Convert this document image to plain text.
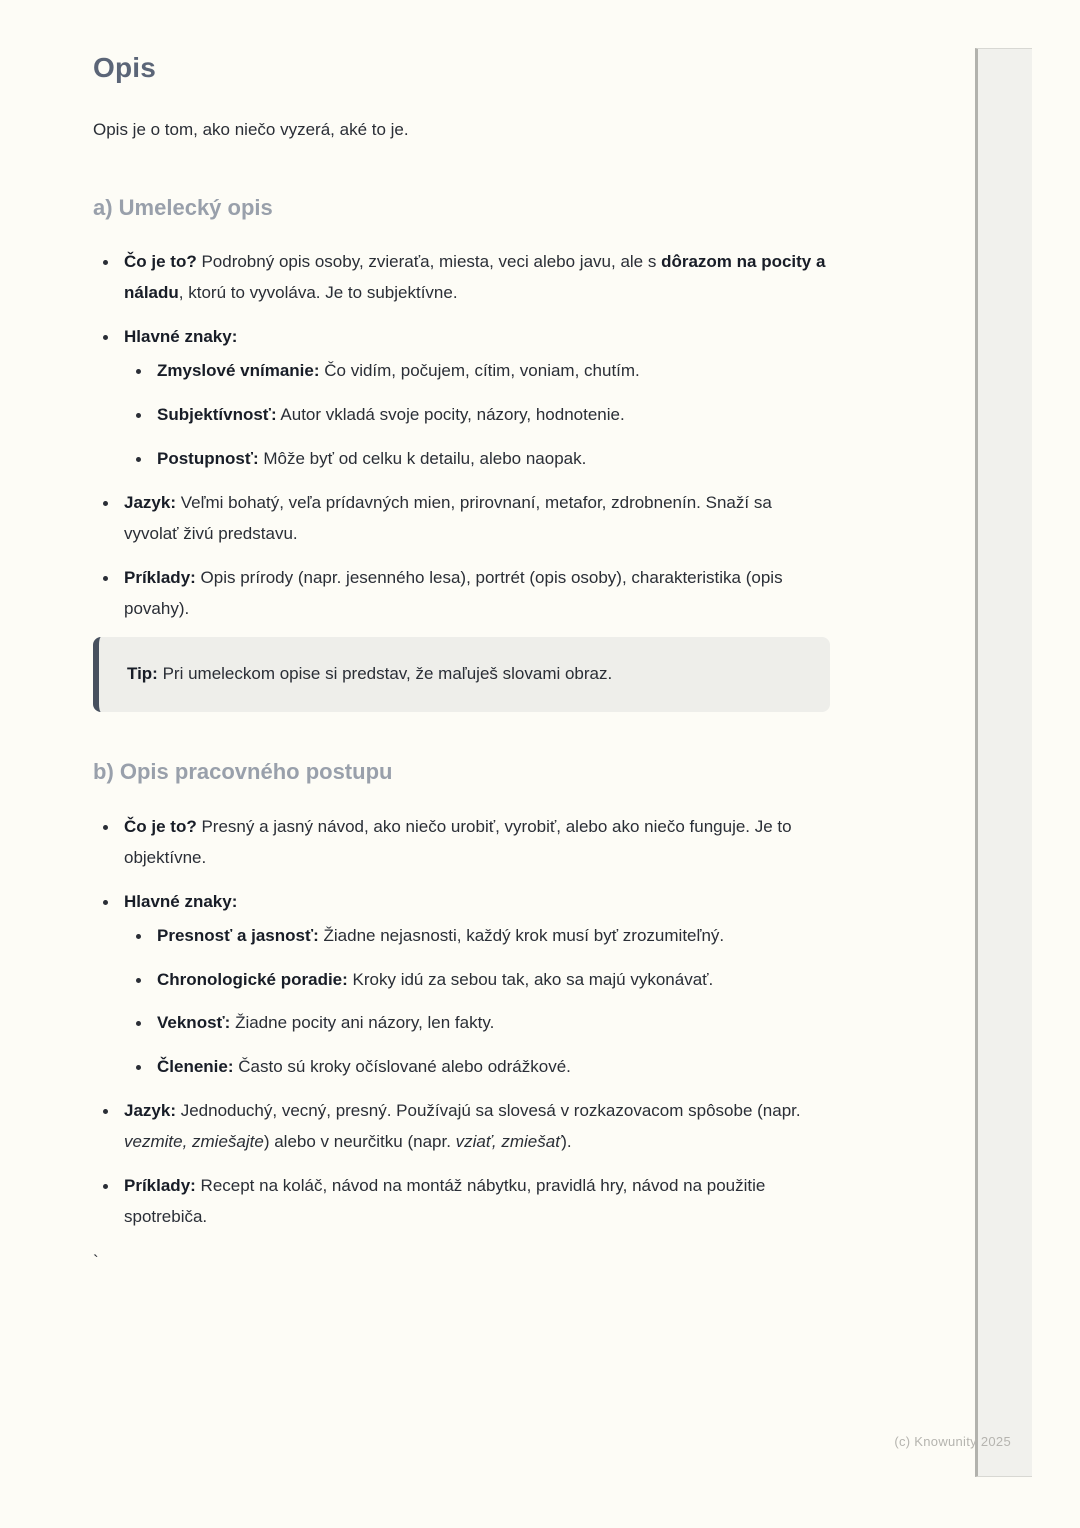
Opis

Opis je o tom, ako niečo vyzerá, aké to je.

a) Umelecký opis
Čo je to? Podrobný opis osoby, zvieraťa, miesta, veci alebo javu, ale s dôrazom na pocity a náladu, ktorú to vyvoláva. Je to subjektívne.
Hlavné znaky:
Zmyslové vnímanie: Čo vidím, počujem, cítim, voniam, chutím.
Subjektívnosť: Autor vkladá svoje pocity, názory, hodnotenie.
Postupnosť: Môže byť od celku k detailu, alebo naopak.
Jazyk: Veľmi bohatý, veľa prídavných mien, prirovnaní, metafor, zdrobnenín. Snaží sa vyvolať živú predstavu.
Príklady: Opis prírody (napr. jesenného lesa), portrét (opis osoby), charakteristika (opis povahy).
Tip: Pri umeleckom opise si predstav, že maľuješ slovami obraz.
b) Opis pracovného postupu
Čo je to? Presný a jasný návod, ako niečo urobiť, vyrobiť, alebo ako niečo funguje. Je to objektívne.
Hlavné znaky:
Presnosť a jasnosť: Žiadne nejasnosti, každý krok musí byť zrozumiteľný.
Chronologické poradie: Kroky idú za sebou tak, ako sa majú vykonávať.
Veknosť: Žiadne pocity ani názory, len fakty.
Členenie: Často sú kroky očíslované alebo odrážkové.
Jazyk: Jednoduchý, vecný, presný. Používajú sa slovesá v rozkazovacom spôsobe (napr. vezmite, zmiešajte) alebo v neurčitku (napr. vziať, zmiešať).
Príklady: Recept na koláč, návod na montáž nábytku, pravidlá hry, návod na použitie spotrebiča.
`
(c) Knowunity 2025
